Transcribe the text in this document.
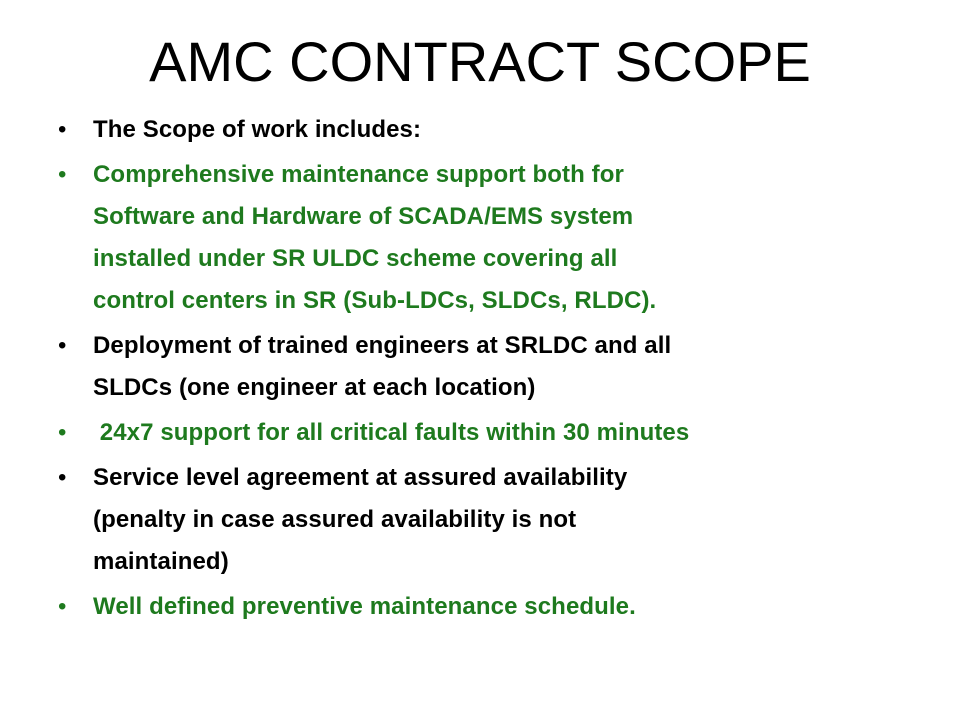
AMC CONTRACT SCOPE
• The Scope of work includes:
• Comprehensive maintenance support both for
Software and Hardware of SCADA/EMS system
installed under SR ULDC scheme covering all
control centers in SR (Sub-LDCs, SLDCs, RLDC).
• Deployment of trained engineers at SRLDC and all
SLDCs (one engineer at each location)
• 24x7 support for all critical faults within 30 minutes
• Service level agreement at assured availability
(penalty in case assured availability is not
maintained)
• Well defined preventive maintenance schedule.
